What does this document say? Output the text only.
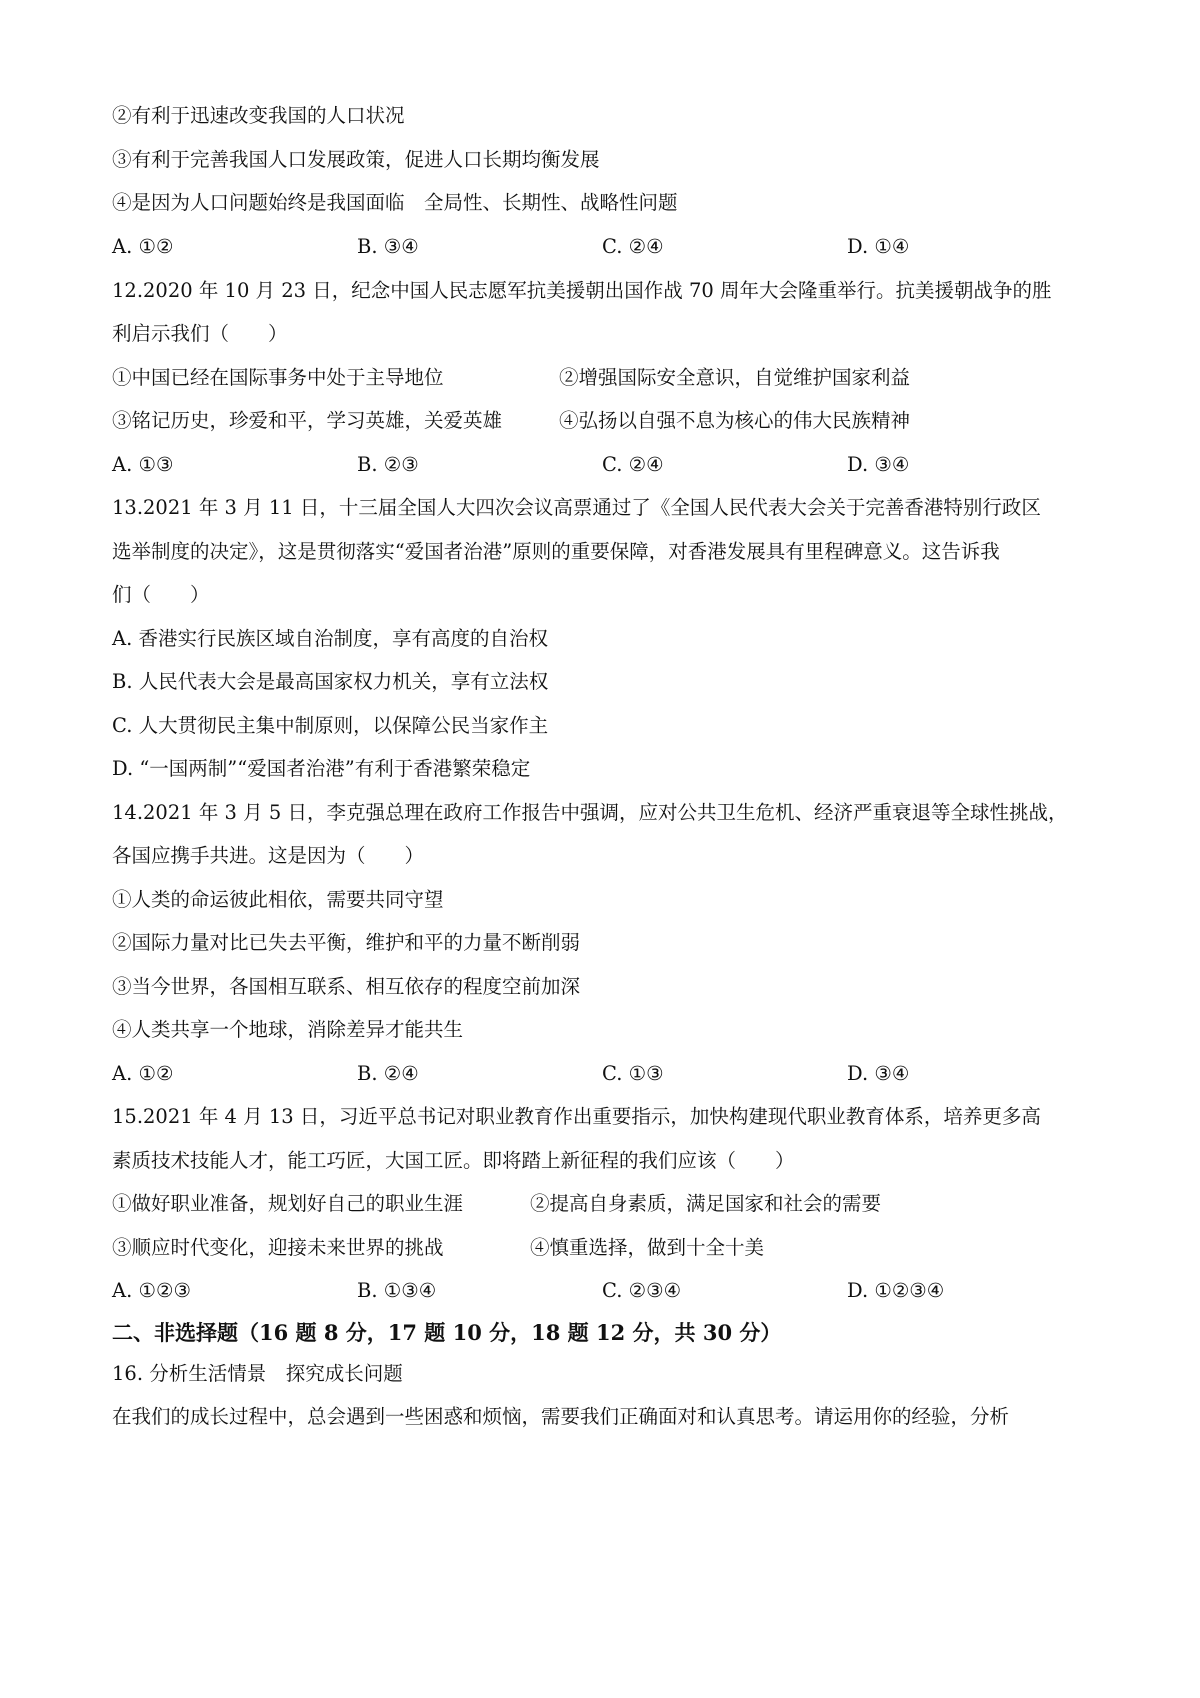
②有利于迅速改变我国的人口状况
③有利于完善我国人口发展政策，促进人口长期均衡发展
④是因为人口问题始终是我国面临　全局性、长期性、战略性问题
A. ①②	B. ③④	C. ②④	D. ①④
12.2020 年 10 月 23 日，纪念中国人民志愿军抗美援朝出国作战 70 周年大会隆重举行。抗美援朝战争的胜
利启示我们（　　）
①中国已经在国际事务中处于主导地位	②增强国际安全意识，自觉维护国家利益
③铭记历史，珍爱和平，学习英雄，关爱英雄	④弘扬以自强不息为核心的伟大民族精神
A. ①③	B. ②③	C. ②④	D. ③④
13.2021 年 3 月 11 日，十三届全国人大四次会议高票通过了《全国人民代表大会关于完善香港特别行政区
选举制度的决定》，这是贯彻落实“爱国者治港”原则的重要保障，对香港发展具有里程碑意义。这告诉我
们（　　）
A. 香港实行民族区域自治制度，享有高度的自治权
B. 人民代表大会是最高国家权力机关，享有立法权
C. 人大贯彻民主集中制原则，以保障公民当家作主
D. “一国两制”“爱国者治港”有利于香港繁荣稳定
14.2021 年 3 月 5 日，李克强总理在政府工作报告中强调，应对公共卫生危机、经济严重衰退等全球性挑战，
各国应携手共进。这是因为（　　）
①人类的命运彼此相依，需要共同守望
②国际力量对比已失去平衡，维护和平的力量不断削弱
③当今世界，各国相互联系、相互依存的程度空前加深
④人类共享一个地球，消除差异才能共生
A. ①②	B. ②④	C. ①③	D. ③④
15.2021 年 4 月 13 日，习近平总书记对职业教育作出重要指示，加快构建现代职业教育体系，培养更多高
素质技术技能人才，能工巧匠，大国工匠。即将踏上新征程的我们应该（　　）
①做好职业准备，规划好自己的职业生涯	②提高自身素质，满足国家和社会的需要
③顺应时代变化，迎接未来世界的挑战	④慎重选择，做到十全十美
A. ①②③	B. ①③④	C. ②③④	D. ①②③④
二、非选择题（16 题 8 分，17 题 10 分，18 题 12 分，共 30 分）
16. 分析生活情景　探究成长问题
在我们的成长过程中，总会遇到一些困惑和烦恼，需要我们正确面对和认真思考。请运用你的经验，分析
